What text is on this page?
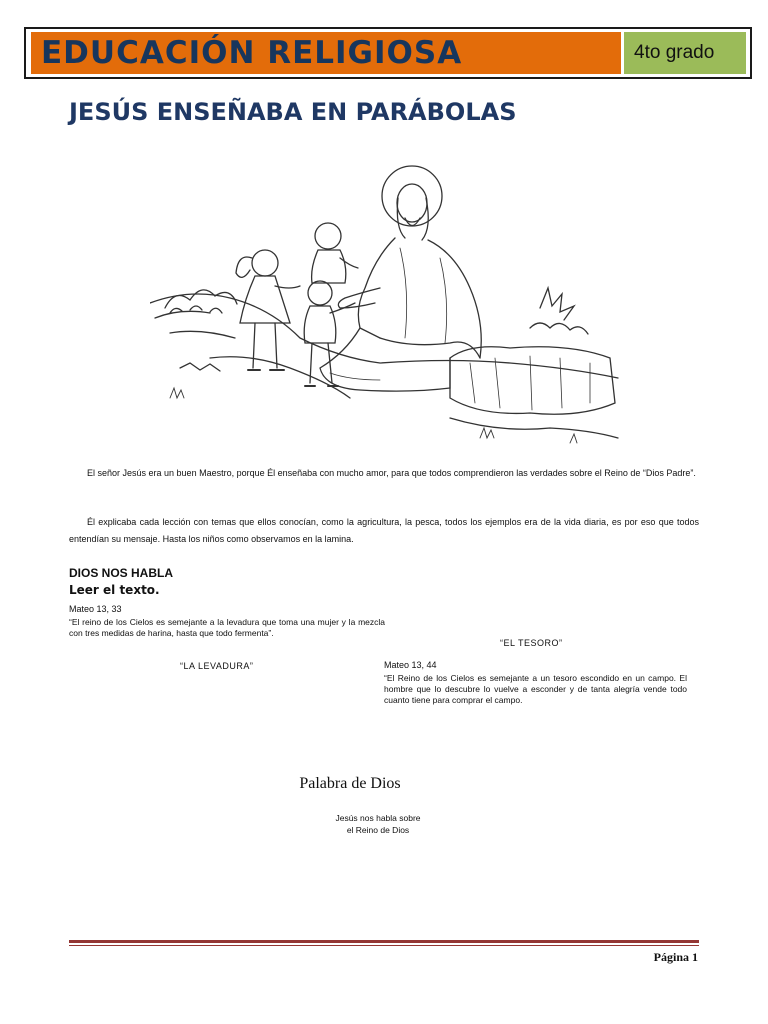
EDUCACIÓN RELIGIOSA	4to grado
JESÚS ENSEÑABA EN PARÁBOLAS

El señor Jesús era un buen Maestro, porque Él enseñaba con mucho amor, para que todos comprendieron las verdades sobre el Reino de “Dios Padre”.

Él explicaba cada lección con temas que ellos conocían, como la agricultura, la pesca, todos los ejemplos era de la vida diaria, es por eso que todos entendían su mensaje. Hasta los niños como observamos en la lamina.

DIOS NOS HABLA

Leer el texto.

Mateo 13, 33

“El reino de los Cielos es semejante a la levadura que toma una mujer y la mezcla con tres medidas de harina, hasta que todo fermenta”.

“LA LEVADURA”

“EL TESORO”

Mateo 13, 44

“El Reino de los Cielos es semejante a un tesoro escondido en un campo. El hombre que lo descubre lo vuelve a esconder y de tanta alegría vende todo cuanto tiene para comprar el campo.

Palabra de Dios

Jesús nos habla sobre
el Reino de Dios
Página 1
